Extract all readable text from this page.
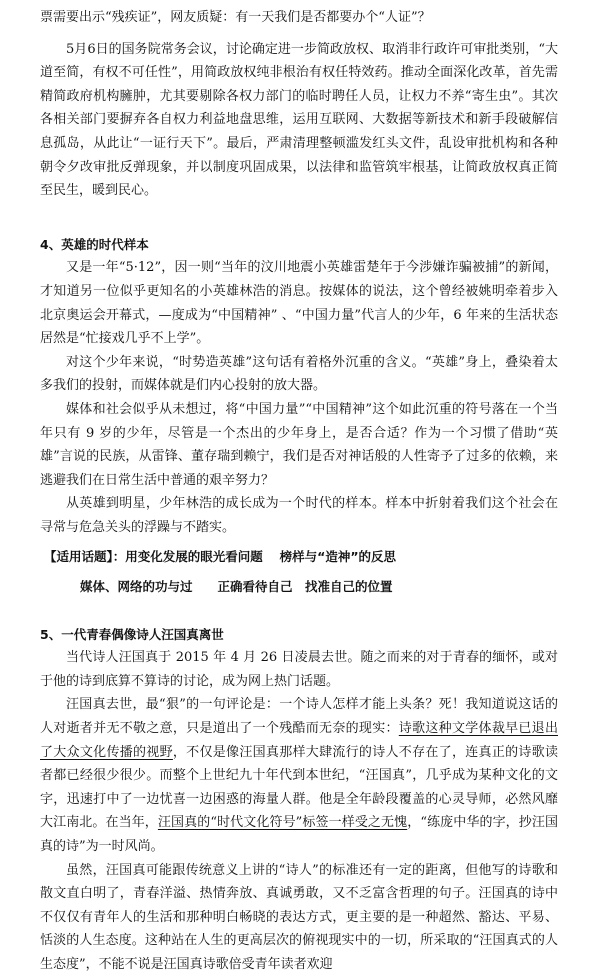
票需要出示“残疾证”，网友质疑：有一天我们是否都要办个“人证”？

5月6日的国务院常务会议，讨论确定进一步简政放权、取消非行政许可审批类别，“大道至简，有权不可任性”，用简政放权纯非根治有权任特效药。推动全面深化改革，首先需精简政府机构臃肿，尤其要剔除各权力部门的临时聘任人员，让权力不养“寄生虫”。其次各相关部门要摒弃各自权力利益地盘思维，运用互联网、大数据等新技术和新手段破解信息孤岛，从此让“一证行天下”。最后，严肃清理整顿滥发红头文件，乱设审批机构和各种朝令夕改审批反弹现象，并以制度巩固成果，以法律和监管筑牢根基，让简政放权真正简至民生，暖到民心。

4、英雄的时代样本

又是一年“5·12”，因一则“当年的汶川地震小英雄雷楚年于今涉嫌诈骗被捕”的新闻，才知道另一位似乎更知名的小英雄林浩的消息。按媒体的说法，这个曾经被姚明牵着步入北京奥运会开幕式，—度成为“中国精神” 、“中国力量”代言人的少年，6 年来的生活状态居然是“忙接戏几乎不上学”。

对这个少年来说，“时势造英雄”这句话有着格外沉重的含义。“英雄”身上，叠染着太多我们的投射，而媒体就是们内心投射的放大器。

媒体和社会似乎从未想过，将“中国力量”“中国精神”这个如此沉重的符号落在一个当年只有 9 岁的少年，尽管是一个杰出的少年身上，是否合适？作为一个习惯了借助“英雄”言说的民族，从雷锋、董存瑞到赖宁，我们是否对神话般的人性寄予了过多的依赖，来逃避我们在日常生活中普通的艰辛努力？

从英雄到明星，少年林浩的成长成为一个时代的样本。样本中折射着我们这个社会在寻常与危急关头的浮躁与不踏实。

【适用话题】：用变化发展的眼光看问题　 榜样与“造神”的反思

媒体、网络的功与过　　正确看待自己　找准自己的位置

5、一代青春偶像诗人汪国真离世

当代诗人汪国真于 2015 年 4 月 26 日凌晨去世。随之而来的对于青春的缅怀，或对于他的诗到底算不算诗的讨论，成为网上热门话题。

汪国真去世，最“狠”的一句评论是：一个诗人怎样才能上头条？死！我知道说这话的人对逝者并无不敬之意，只是道出了一个残酷而无奈的现实：诗歌这种文学体裁早已退出了大众文化传播的视野，不仅是像汪国真那样大肆流行的诗人不存在了，连真正的诗歌读者都已经很少很少。而整个上世纪九十年代到本世纪，“汪国真”，几乎成为某种文化的文字，迅速打中了一边忧喜一边困惑的海量人群。他是全年龄段覆盖的心灵导师，必然风靡大江南北。在当年，汪国真的“时代文化符号”标签一样受之无愧，“练庞中华的字，抄汪国真的诗”为一时风尚。

虽然，汪国真可能跟传统意义上讲的“诗人”的标准还有一定的距离，但他写的诗歌和散文直白明了，青春洋溢、热情奔放、真诚勇敢，又不乏富含哲理的句子。汪国真的诗中不仅仅有青年人的生活和那种明白畅晓的表达方式，更主要的是一种超然、豁达、平易、恬淡的人生态度。这种站在人生的更高层次的俯视现实中的一切，所采取的“汪国真式的人生态度”，不能不说是汪国真诗歌倍受青年读者欢迎
